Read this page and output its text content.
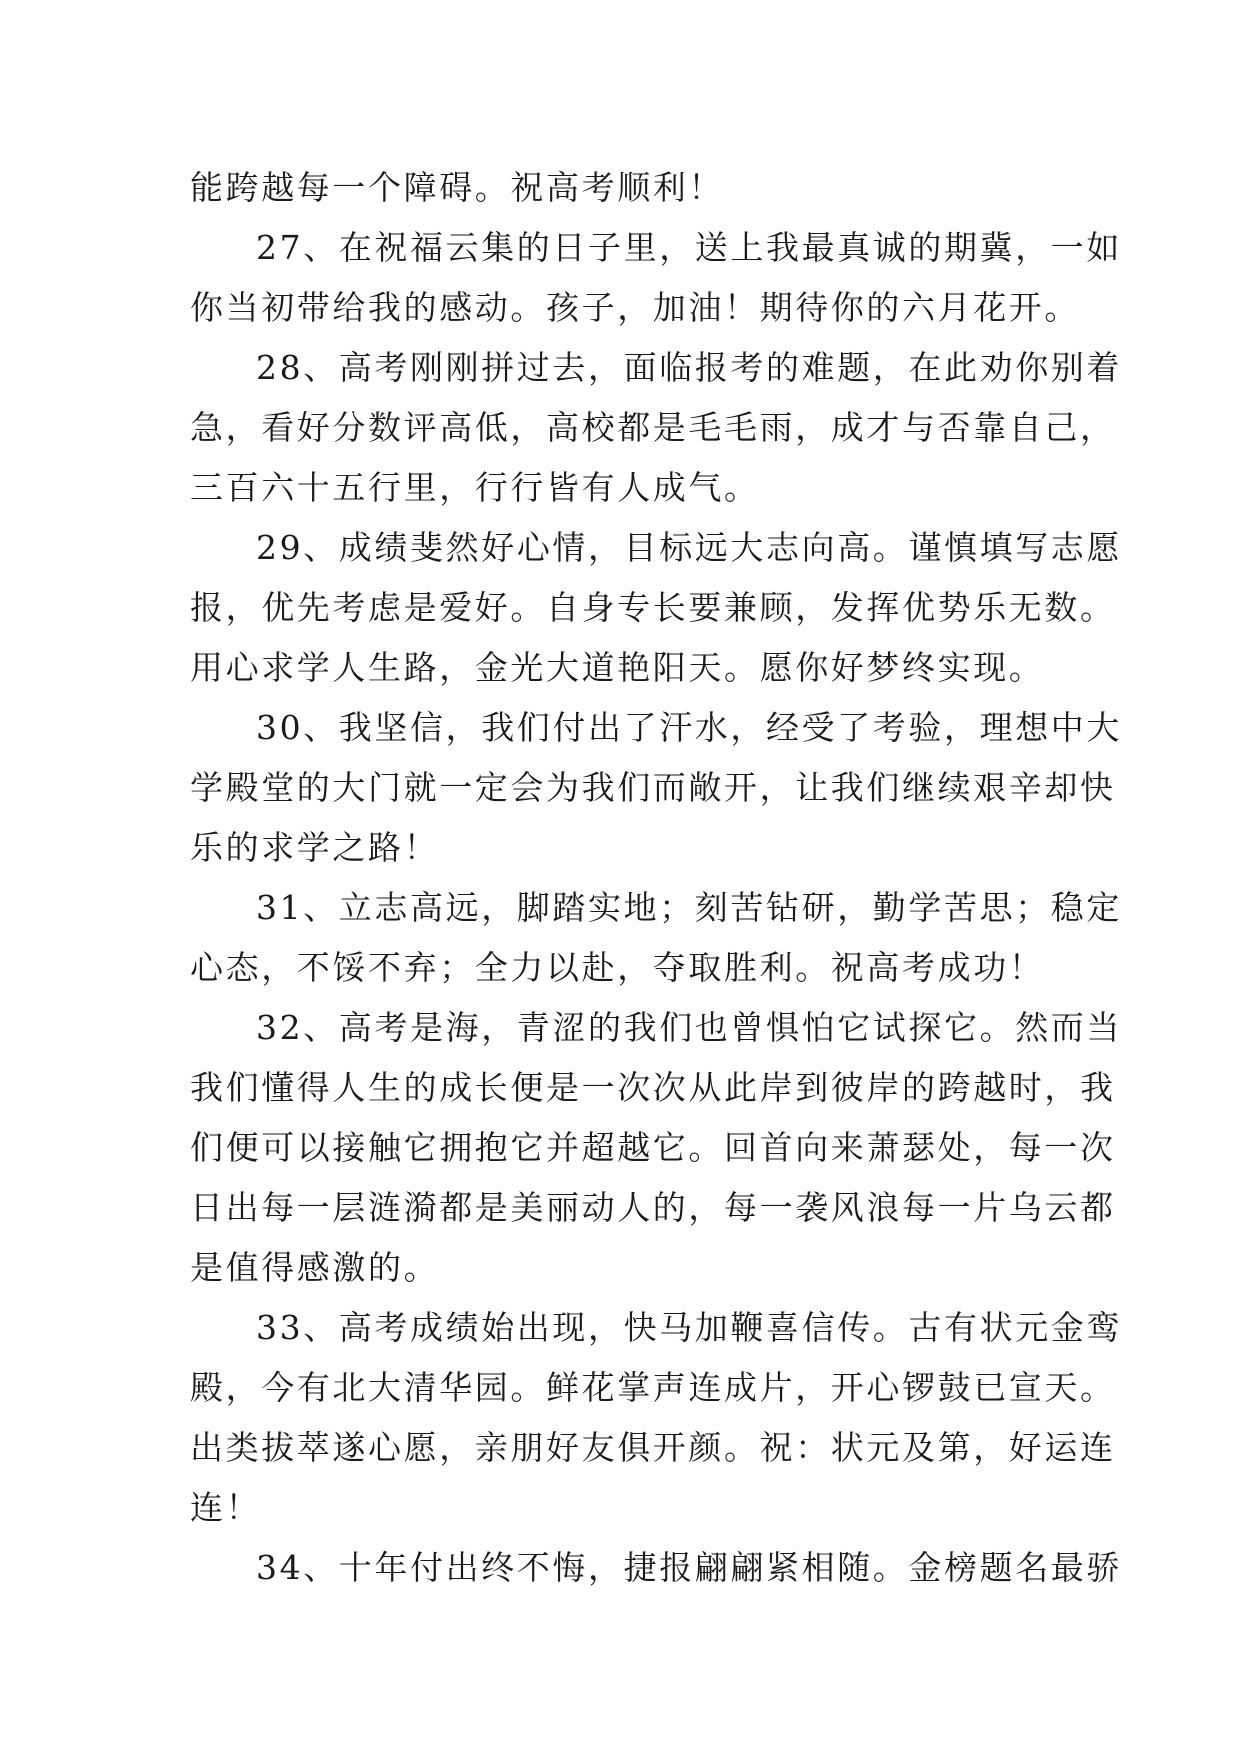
能跨越每一个障碍。祝高考顺利！
27、在祝福云集的日子里，送上我最真诚的期冀，一如
你当初带给我的感动。孩子，加油！期待你的六月花开。
28、高考刚刚拼过去，面临报考的难题，在此劝你别着
急，看好分数评高低，高校都是毛毛雨，成才与否靠自己，
三百六十五行里，行行皆有人成气。
29、成绩斐然好心情，目标远大志向高。谨慎填写志愿
报，优先考虑是爱好。自身专长要兼顾，发挥优势乐无数。
用心求学人生路，金光大道艳阳天。愿你好梦终实现。
30、我坚信，我们付出了汗水，经受了考验，理想中大
学殿堂的大门就一定会为我们而敞开，让我们继续艰辛却快
乐的求学之路！
31、立志高远，脚踏实地；刻苦钻研，勤学苦思；稳定
心态，不馁不弃；全力以赴，夺取胜利。祝高考成功！
32、高考是海，青涩的我们也曾惧怕它试探它。然而当
我们懂得人生的成长便是一次次从此岸到彼岸的跨越时，我
们便可以接触它拥抱它并超越它。回首向来萧瑟处，每一次
日出每一层涟漪都是美丽动人的，每一袭风浪每一片乌云都
是值得感激的。
33、高考成绩始出现，快马加鞭喜信传。古有状元金鸾
殿，今有北大清华园。鲜花掌声连成片，开心锣鼓已宣天。
出类拔萃遂心愿，亲朋好友俱开颜。祝：状元及第，好运连
连！
34、十年付出终不悔，捷报翩翩紧相随。金榜题名最骄
